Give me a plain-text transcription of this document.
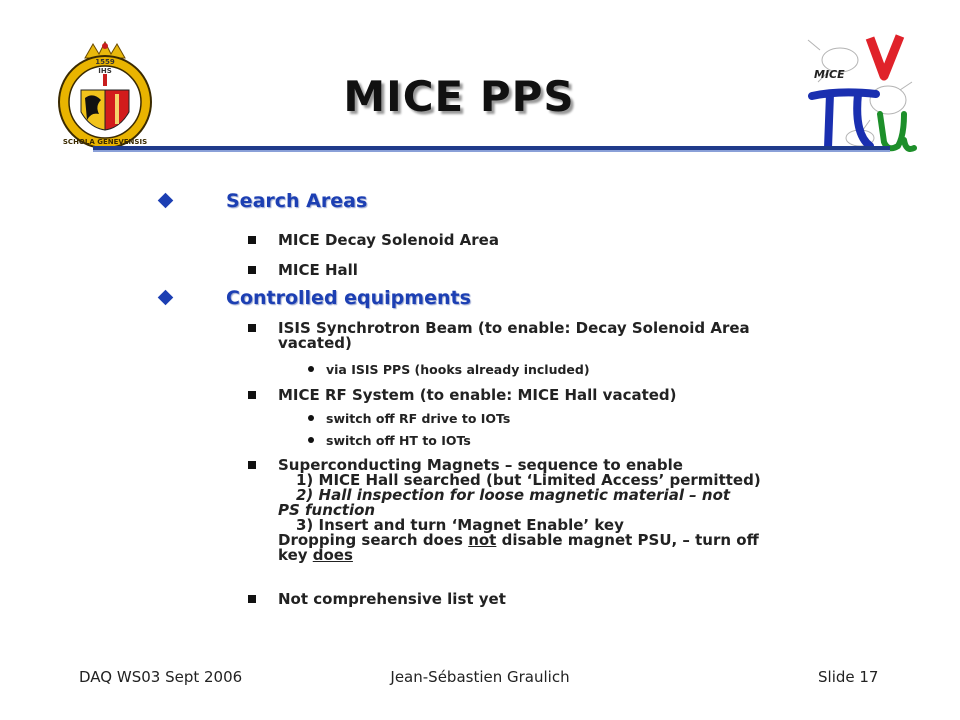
IHS
1559
SCHOLA GENEVENSIS
MICE
MICE PPS
Search Areas
MICE Decay Solenoid Area
MICE Hall
Controlled equipments
ISIS Synchrotron Beam (to enable: Decay Solenoid Area
vacated)
via ISIS PPS (hooks already included)
MICE RF System (to enable: MICE Hall vacated)
switch off RF drive to IOTs
switch off HT to IOTs
Superconducting Magnets – sequence to enable
1) MICE Hall searched (but ‘Limited Access’ permitted)
2) Hall inspection for loose magnetic material – not
PS function
3) Insert and turn ‘Magnet Enable’ key
Dropping search does not disable magnet PSU, – turn off
key does
Not comprehensive list yet
DAQ WS03 Sept 2006	Jean-Sébastien Graulich	Slide 17
